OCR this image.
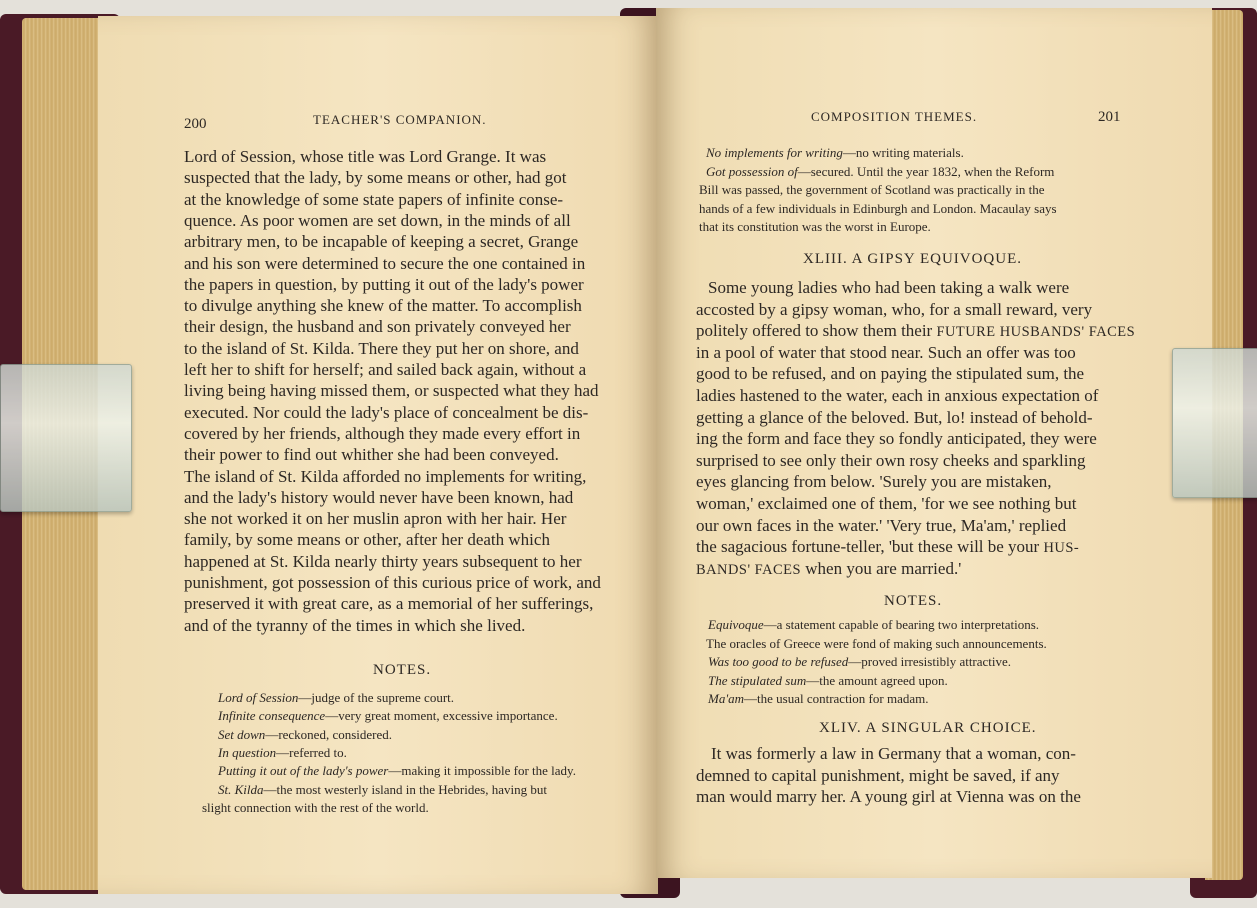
200	TEACHER'S COMPANION.
Lord of Session, whose title was Lord Grange. It was
suspected that the lady, by some means or other, had got
at the knowledge of some state papers of infinite conse-
quence. As poor women are set down, in the minds of all
arbitrary men, to be incapable of keeping a secret, Grange
and his son were determined to secure the one contained in
the papers in question, by putting it out of the lady's power
to divulge anything she knew of the matter. To accomplish
their design, the husband and son privately conveyed her
to the island of St. Kilda. There they put her on shore, and
left her to shift for herself; and sailed back again, without a
living being having missed them, or suspected what they had
executed. Nor could the lady's place of concealment be dis-
covered by her friends, although they made every effort in
their power to find out whither she had been conveyed.
The island of St. Kilda afforded no implements for writing,
and the lady's history would never have been known, had
she not worked it on her muslin apron with her hair. Her
family, by some means or other, after her death which
happened at St. Kilda nearly thirty years subsequent to her
punishment, got possession of this curious price of work, and
preserved it with great care, as a memorial of her sufferings,
and of the tyranny of the times in which she lived.
NOTES.
Lord of Session—judge of the supreme court.
Infinite consequence—very great moment, excessive importance.
Set down—reckoned, considered.
In question—referred to.
Putting it out of the lady's power—making it impossible for the lady.
St. Kilda—the most westerly island in the Hebrides, having but
slight connection with the rest of the world.
COMPOSITION THEMES.	201
No implements for writing—no writing materials.
Got possession of—secured. Until the year 1832, when the Reform
Bill was passed, the government of Scotland was practically in the
hands of a few individuals in Edinburgh and London. Macaulay says
that its constitution was the worst in Europe.
XLIII. A GIPSY EQUIVOQUE.
Some young ladies who had been taking a walk were
accosted by a gipsy woman, who, for a small reward, very
politely offered to show them their FUTURE HUSBANDS' FACES
in a pool of water that stood near. Such an offer was too
good to be refused, and on paying the stipulated sum, the
ladies hastened to the water, each in anxious expectation of
getting a glance of the beloved. But, lo! instead of behold-
ing the form and face they so fondly anticipated, they were
surprised to see only their own rosy cheeks and sparkling
eyes glancing from below. 'Surely you are mistaken,
woman,' exclaimed one of them, 'for we see nothing but
our own faces in the water.' 'Very true, Ma'am,' replied
the sagacious fortune-teller, 'but these will be your HUS-
BANDS' FACES when you are married.'
NOTES.
Equivoque—a statement capable of bearing two interpretations.
The oracles of Greece were fond of making such announcements.
Was too good to be refused—proved irresistibly attractive.
The stipulated sum—the amount agreed upon.
Ma'am—the usual contraction for madam.
XLIV. A SINGULAR CHOICE.
It was formerly a law in Germany that a woman, con-
demned to capital punishment, might be saved, if any
man would marry her. A young girl at Vienna was on the
